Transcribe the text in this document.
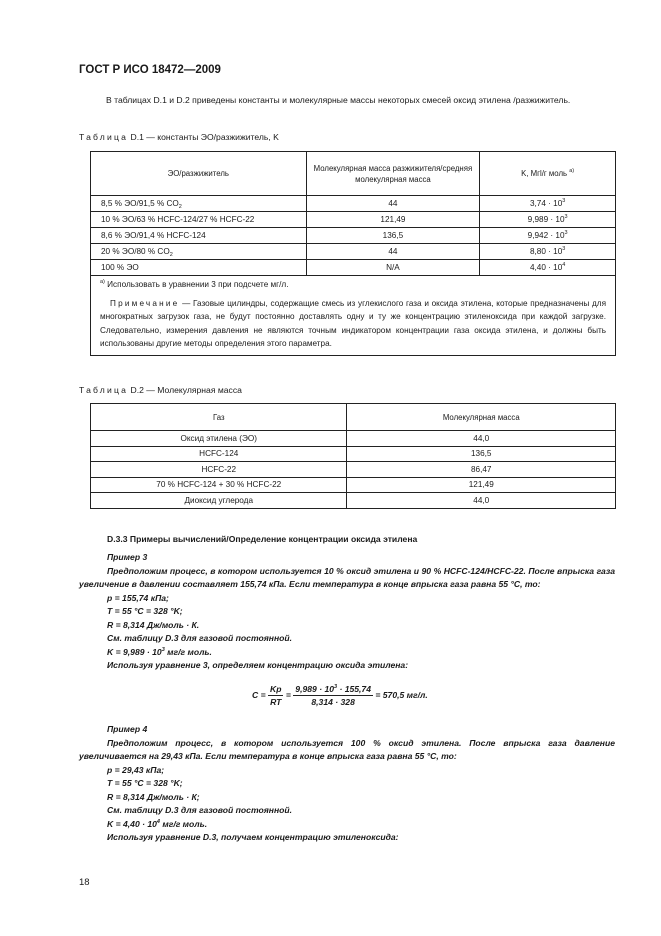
ГОСТ Р ИСО 18472—2009
В таблицах D.1 и D.2 приведены константы и молекулярные массы некоторых смесей оксид этилена /разжижитель.
Таблица D.1 — константы ЭО/разжижитель, K
ЭО/разжижитель	Молекулярная масса разжижителя/средняя молекулярная масса	K, Мгl/г моль $^{а)}$
8,5 % ЭО/91,5 % $CO_2$	44	$3,74 \cdot 10^3$
10 % ЭО/63 % HCFC-124/27 % HCFC-22	121,49	$9,989 \cdot 10^3$
8,6 % ЭО/91,4 % HCFC-124	136,5	$9,942 \cdot 10^3$
20 % ЭО/80 % $CO_2$	44	$8,80 \cdot 10^3$
100 % ЭО	N/A	$4,40 \cdot 10^4$

$^{а)}$ Использовать в уравнении 3 при подсчете мг/л.
Примечание — Газовые цилиндры, содержащие смесь из углекислого газа и оксида этилена, которые предназначены для многократных загрузок газа, не будут постоянно доставлять одну и ту же концентрацию этиленоксида при каждой загрузке. Следовательно, измерения давления не являются точным индикатором концентрации газа оксида этилена, и должны быть использованы другие методы определения этого параметра.		
Таблица D.2 — Молекулярная масса
Газ	Молекулярная масса
Оксид этилена (ЭО)	44,0
HCFC-124	136,5
HCFC-22	86,47
70 % HCFC-124 + 30 % HCFC-22	121,49
Диоксид углерода	44,0
D.3.3 Примеры вычислений/Определение концентрации оксида этилена
Пример 3
Предположим процесс, в котором используется 10 % оксид этилена и 90 % HCFC-124/HCFC-22. После впрыска газа увеличение в давлении составляет 155,74 кПа. Если температура в конце впрыска газа равна 55 °C, то:
p = 155,74 кПа;
T = 55 °C = 328 °K;
R = 8,314 Дж/моль · К.
См. таблицу D.3 для газовой постоянной.
$K = 9,989 \cdot 10^3$ мг/г моль.
Используя уравнение 3, определяем концентрацию оксида этилена:
$C = \frac{Kp}{RT} = \frac{9,989 \cdot 10^3 \cdot 155,74}{8,314 \cdot 328} = 570,5$ мг/л.
Пример 4
Предположим процесс, в котором используется 100 % оксид этилена. После впрыска газа давление увеличивается на 29,43 кПа. Если температура в конце впрыска газа равна 55 °C, то:
p = 29,43 кПа;
T = 55 °C = 328 °K;
R = 8,314 Дж/моль · К;
См. таблицу D.3 для газовой постоянной.
$K = 4,40 \cdot 10^4$ мг/г моль.
Используя уравнение D.3, получаем концентрацию этиленоксида:
18
